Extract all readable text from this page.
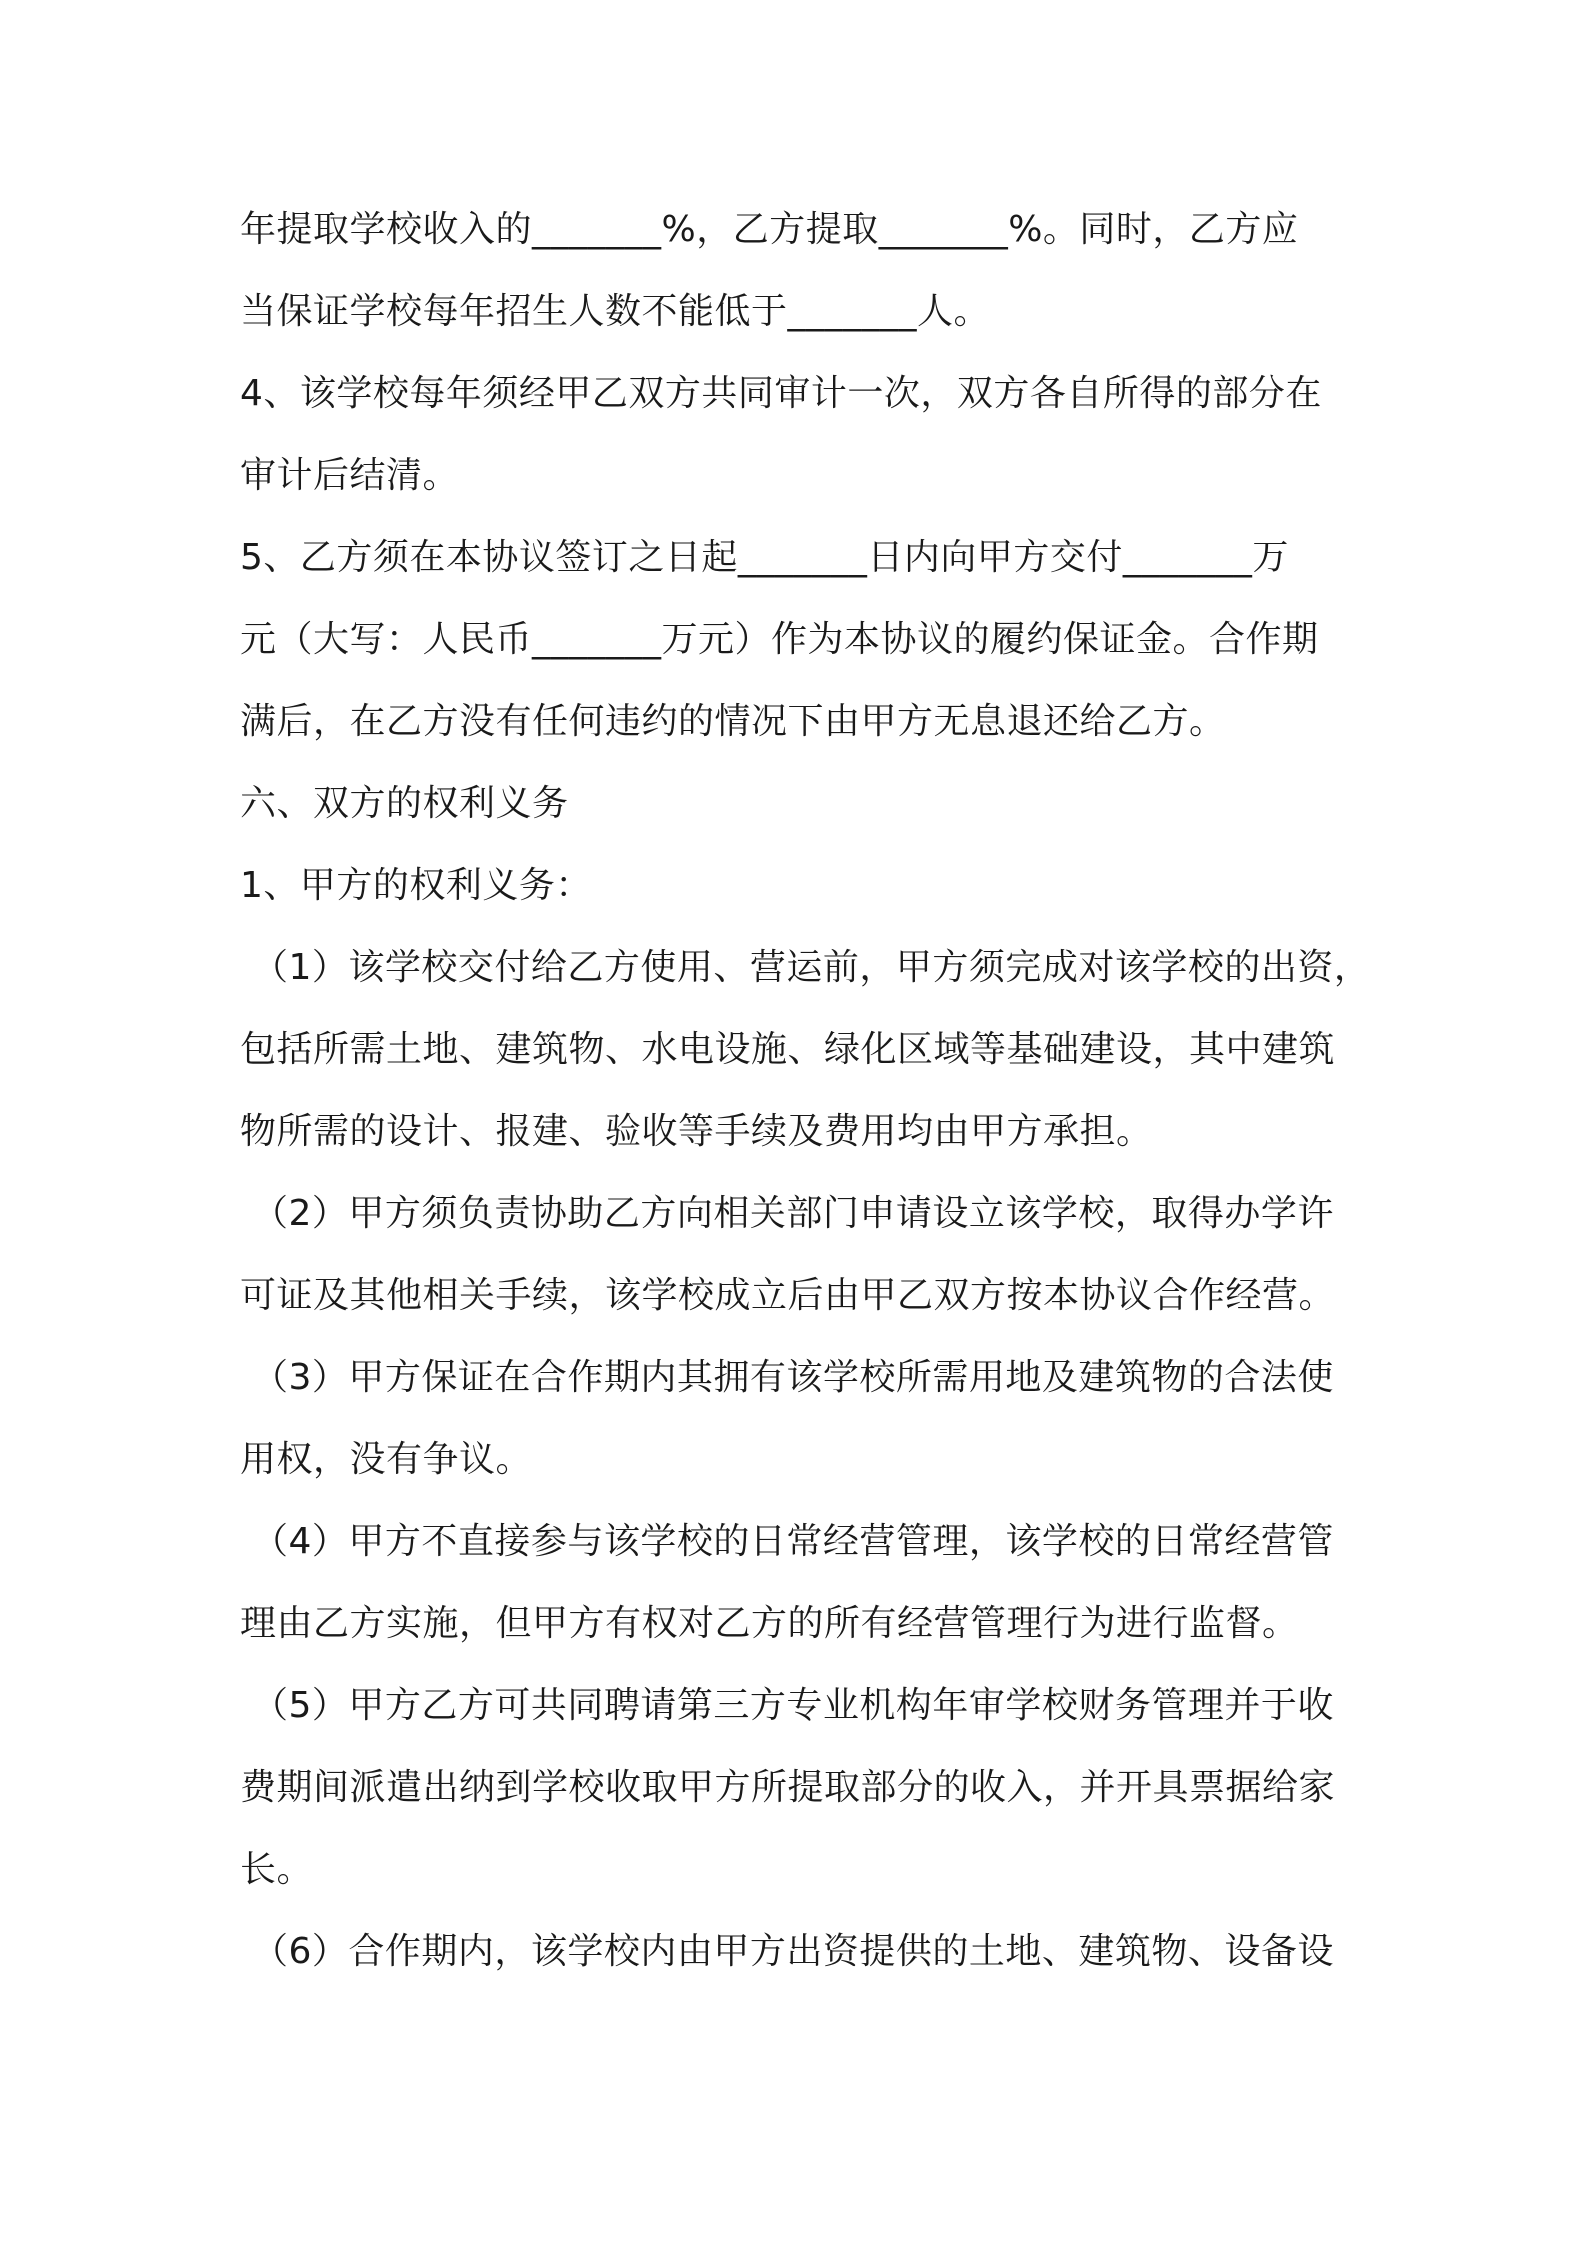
年提取学校收入的_______%，乙方提取_______%。同时，乙方应
当保证学校每年招生人数不能低于_______人。
4、该学校每年须经甲乙双方共同审计一次，双方各自所得的部分在
审计后结清。
5、乙方须在本协议签订之日起_______日内向甲方交付_______万
元（大写：人民币_______万元）作为本协议的履约保证金。合作期
满后，在乙方没有任何违约的情况下由甲方无息退还给乙方。
六、双方的权利义务
1、甲方的权利义务：
（1）该学校交付给乙方使用、营运前，甲方须完成对该学校的出资，
包括所需土地、建筑物、水电设施、绿化区域等基础建设，其中建筑
物所需的设计、报建、验收等手续及费用均由甲方承担。
（2）甲方须负责协助乙方向相关部门申请设立该学校，取得办学许
可证及其他相关手续，该学校成立后由甲乙双方按本协议合作经营。
（3）甲方保证在合作期内其拥有该学校所需用地及建筑物的合法使
用权，没有争议。
（4）甲方不直接参与该学校的日常经营管理，该学校的日常经营管
理由乙方实施，但甲方有权对乙方的所有经营管理行为进行监督。
（5）甲方乙方可共同聘请第三方专业机构年审学校财务管理并于收
费期间派遣出纳到学校收取甲方所提取部分的收入，并开具票据给家
长。
（6）合作期内，该学校内由甲方出资提供的土地、建筑物、设备设
